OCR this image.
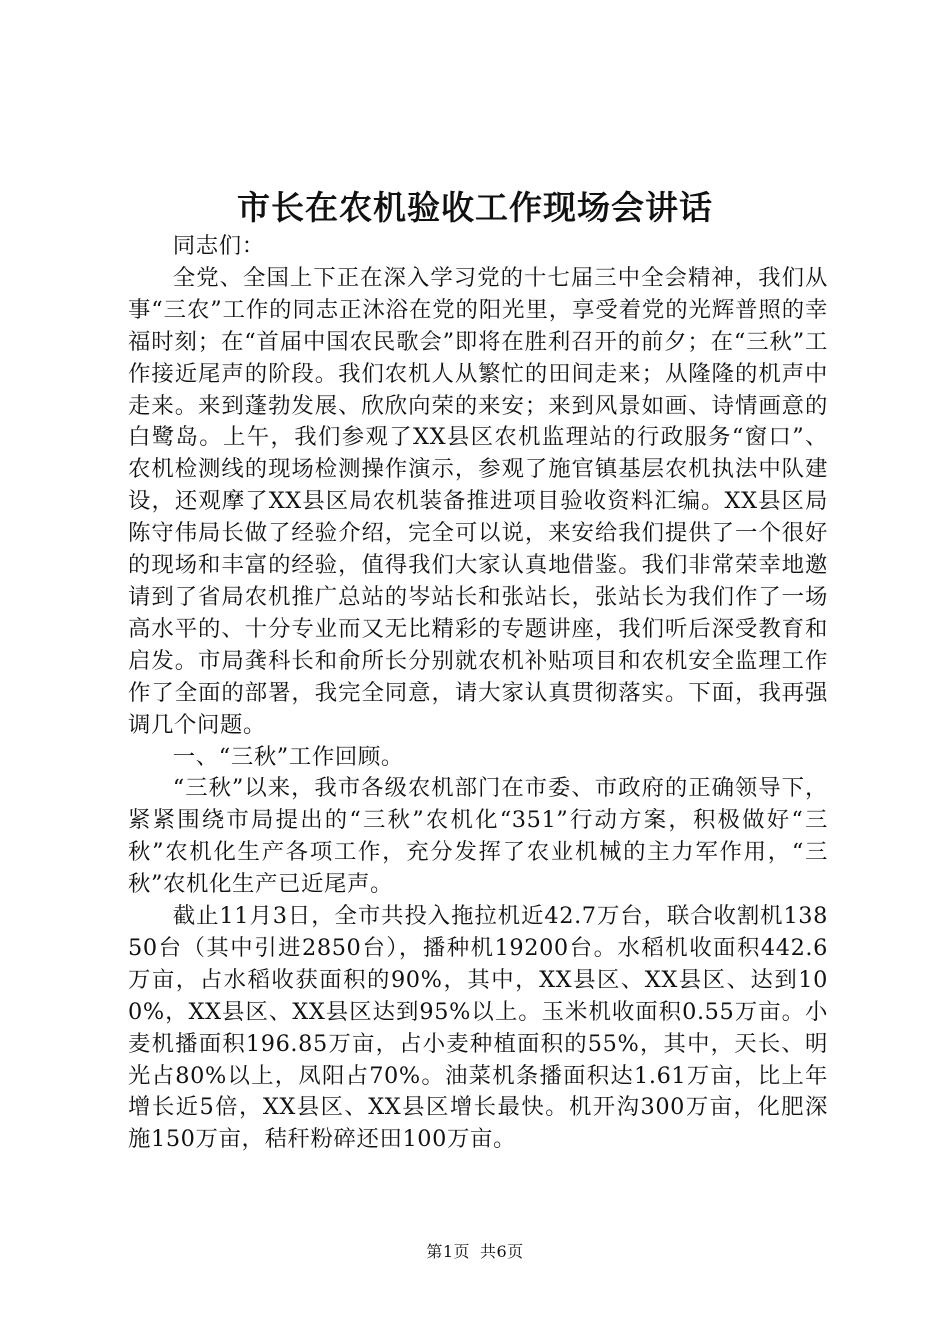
市长在农机验收工作现场会讲话

同志们：

全党、全国上下正在深入学习党的十七届三中全会精神，我们从事“三农”工作的同志正沐浴在党的阳光里，享受着党的光辉普照的幸福时刻；在“首届中国农民歌会”即将在胜利召开的前夕；在“三秋”工作接近尾声的阶段。我们农机人从繁忙的田间走来；从隆隆的机声中走来。来到蓬勃发展、欣欣向荣的来安；来到风景如画、诗情画意的白鹭岛。上午，我们参观了XX县区农机监理站的行政服务“窗口”、农机检测线的现场检测操作演示，参观了施官镇基层农机执法中队建设，还观摩了XX县区局农机装备推进项目验收资料汇编。XX县区局陈守伟局长做了经验介绍，完全可以说，来安给我们提供了一个很好的现场和丰富的经验，值得我们大家认真地借鉴。我们非常荣幸地邀请到了省局农机推广总站的岑站长和张站长，张站长为我们作了一场高水平的、十分专业而又无比精彩的专题讲座，我们听后深受教育和启发。市局龚科长和俞所长分别就农机补贴项目和农机安全监理工作作了全面的部署，我完全同意，请大家认真贯彻落实。下面，我再强调几个问题。

一、“三秋”工作回顾。

“三秋”以来，我市各级农机部门在市委、市政府的正确领导下，紧紧围绕市局提出的“三秋”农机化“351”行动方案，积极做好“三秋”农机化生产各项工作，充分发挥了农业机械的主力军作用，“三秋”农机化生产已近尾声。

截止11月3日，全市共投入拖拉机近42.7万台，联合收割机13850台（其中引进2850台），播种机19200台。水稻机收面积442.6万亩，占水稻收获面积的90%，其中，XX县区、XX县区、达到100%，XX县区、XX县区达到95%以上。玉米机收面积0.55万亩。小麦机播面积196.85万亩，占小麦种植面积的55%，其中，天长、明光占80%以上，凤阳占70%。油菜机条播面积达1.61万亩，比上年增长近5倍，XX县区、XX县区增长最快。机开沟300万亩，化肥深施150万亩，秸秆粉碎还田100万亩。

第1页 共6页
